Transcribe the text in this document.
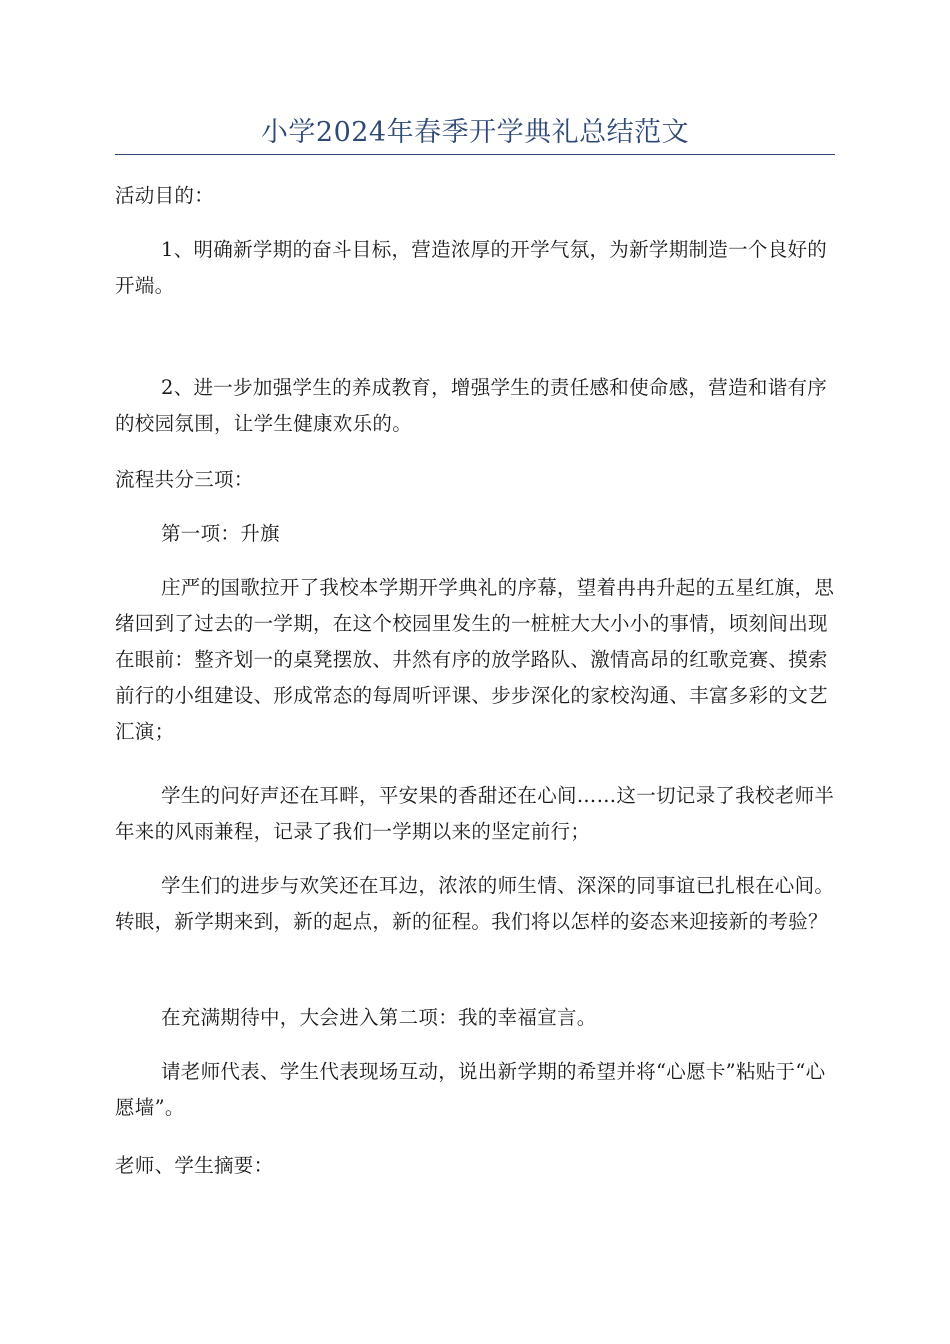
小学2024年春季开学典礼总结范文

活动目的：

1、明确新学期的奋斗目标，营造浓厚的开学气氛，为新学期制造一个良好的开端。

2、进一步加强学生的养成教育，增强学生的责任感和使命感，营造和谐有序的校园氛围，让学生健康欢乐的。

流程共分三项：

第一项：升旗

庄严的国歌拉开了我校本学期开学典礼的序幕，望着冉冉升起的五星红旗，思绪回到了过去的一学期，在这个校园里发生的一桩桩大大小小的事情，顷刻间出现在眼前：整齐划一的桌凳摆放、井然有序的放学路队、激情高昂的红歌竞赛、摸索前行的小组建设、形成常态的每周听评课、步步深化的家校沟通、丰富多彩的文艺汇演；

学生的问好声还在耳畔，平安果的香甜还在心间……这一切记录了我校老师半年来的风雨兼程，记录了我们一学期以来的坚定前行；

学生们的进步与欢笑还在耳边，浓浓的师生情、深深的同事谊已扎根在心间。转眼，新学期来到，新的起点，新的征程。我们将以怎样的姿态来迎接新的考验？

在充满期待中，大会进入第二项：我的幸福宣言。

请老师代表、学生代表现场互动，说出新学期的希望并将“心愿卡”粘贴于“心愿墙”。

老师、学生摘要：
